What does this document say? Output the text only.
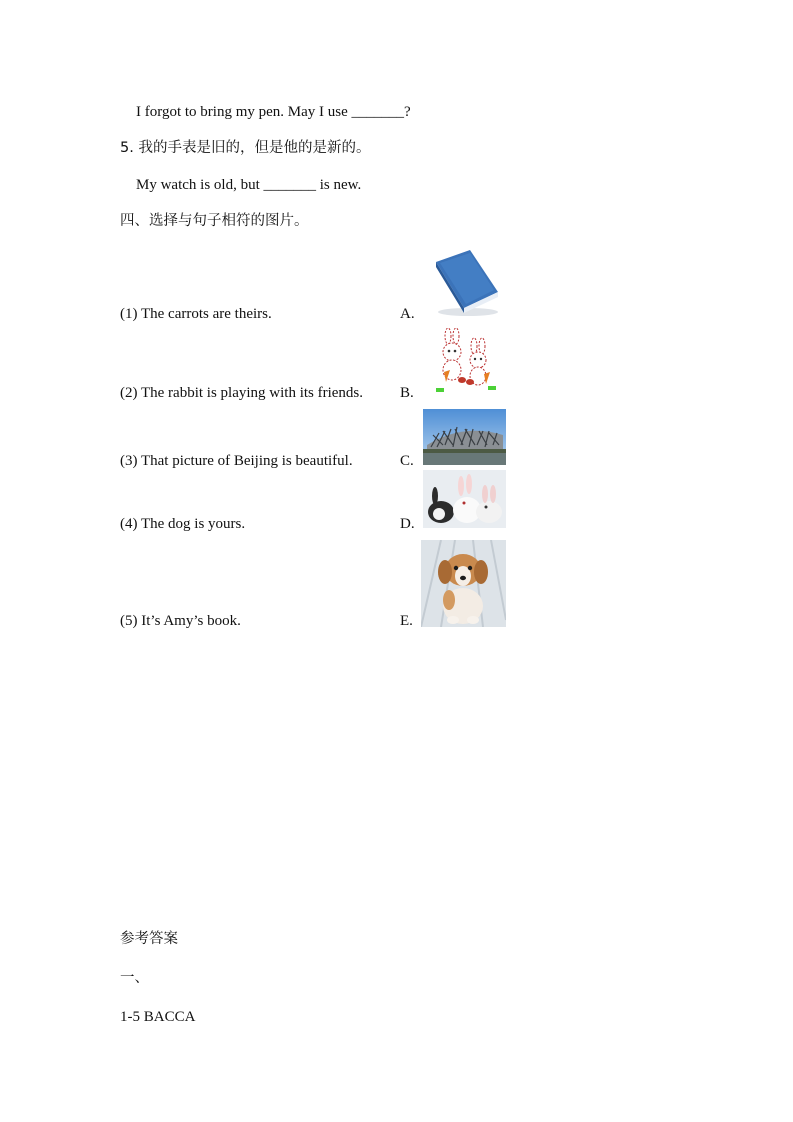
I forgot to bring my pen. May I use _______?
5. 我的手表是旧的，但是他的是新的。
My watch is old, but _______ is new.
四、选择与句子相符的图片。
(1) The carrots are theirs.	A.
(2) The rabbit is playing with its friends. B.
(3) That picture of Beijing is beautiful.	C.
(4) The dog is yours.	D.
(5) It’s Amy’s book.	E.
参考答案
一、
1-5 BACCA
